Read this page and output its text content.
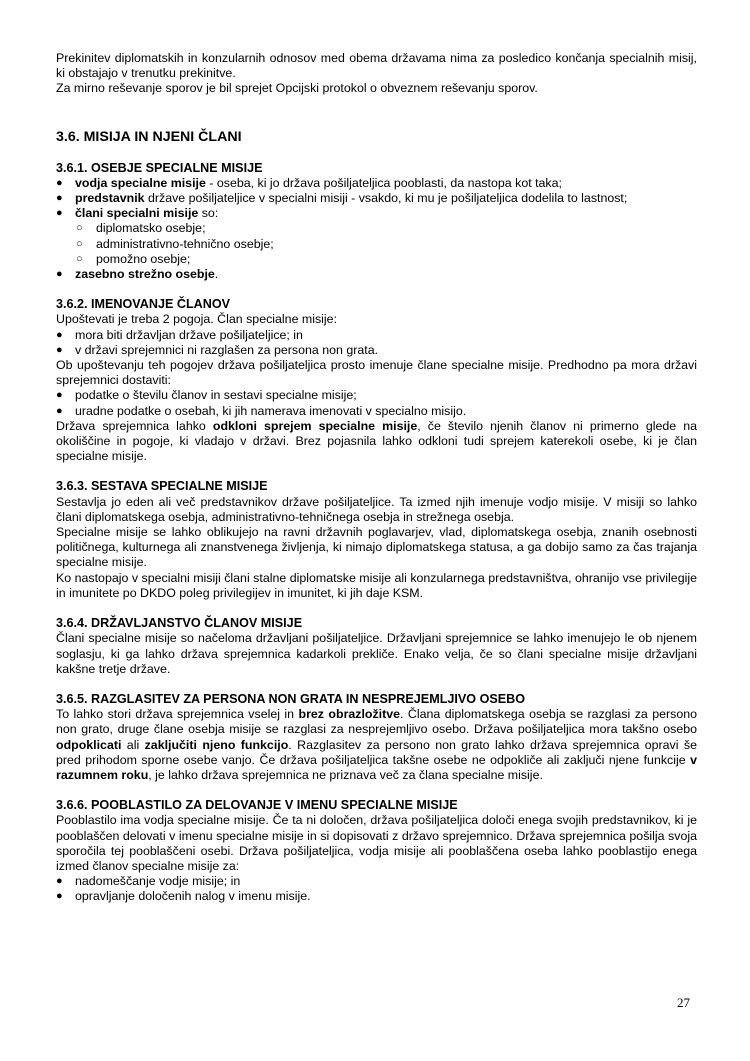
Prekinitev diplomatskih in konzularnih odnosov med obema državama nima za posledico končanja specialnih misij, ki obstajajo v trenutku prekinitve.

Za mirno reševanje sporov je bil sprejet Opcijski protokol o obveznem reševanju sporov.

3.6. MISIJA IN NJENI ČLANI
3.6.1. OSEBJE SPECIALNE MISIJE
● vodja specialne misije - oseba, ki jo država pošiljateljica pooblasti, da nastopa kot taka;
● predstavnik države pošiljateljice v specialni misiji - vsakdo, ki mu je pošiljateljica dodelila to lastnost;
● člani specialni misije so:
○	diplomatsko osebje;
○	administrativno-tehnično osebje;
○	pomožno osebje;
● zasebno strežno osebje.
3.6.2. IMENOVANJE ČLANOV

Upoštevati je treba 2 pogoja. Član specialne misije:

● mora biti državljan države pošiljateljice; in
● v državi sprejemnici ni razglašen za persona non grata.

Ob upoštevanju teh pogojev država pošiljateljica prosto imenuje člane specialne misije. Predhodno pa mora državi sprejemnici dostaviti:

● podatke o številu članov in sestavi specialne misije;
● uradne podatke o osebah, ki jih namerava imenovati v specialno misijo.

Država sprejemnica lahko odkloni sprejem specialne misije, če število njenih članov ni primerno glede na okoliščine in pogoje, ki vladajo v državi. Brez pojasnila lahko odkloni tudi sprejem katerekoli osebe, ki je član specialne misije.

3.6.3. SESTAVA SPECIALNE MISIJE

Sestavlja jo eden ali več predstavnikov države pošiljateljice. Ta izmed njih imenuje vodjo misije. V misiji so lahko člani diplomatskega osebja, administrativno-tehničnega osebja in strežnega osebja.

Specialne misije se lahko oblikujejo na ravni državnih poglavarjev, vlad, diplomatskega osebja, znanih osebnosti političnega, kulturnega ali znanstvenega življenja, ki nimajo diplomatskega statusa, a ga dobijo samo za čas trajanja specialne misije.

Ko nastopajo v specialni misiji člani stalne diplomatske misije ali konzularnega predstavništva, ohranijo vse privilegije in imunitete po DKDO poleg privilegijev in imunitet, ki jih daje KSM.

3.6.4. DRŽAVLJANSTVO ČLANOV MISIJE

Člani specialne misije so načeloma državljani pošiljateljice. Državljani sprejemnice se lahko imenujejo le ob njenem soglasju, ki ga lahko država sprejemnica kadarkoli prekliče. Enako velja, če so člani specialne misije državljani kakšne tretje države.

3.6.5. RAZGLASITEV ZA PERSONA NON GRATA IN NESPREJEMLJIVO OSEBO

To lahko stori država sprejemnica vselej in brez obrazložitve. Člana diplomatskega osebja se razglasi za persono non grato, druge člane osebja misije se razglasi za nesprejemljivo osebo. Država pošiljateljica mora takšno osebo odpoklicati ali zaključiti njeno funkcijo. Razglasitev za persono non grato lahko država sprejemnica opravi še pred prihodom sporne osebe vanjo. Če država pošiljateljica takšne osebe ne odpokliče ali zaključi njene funkcije v razumnem roku, je lahko država sprejemnica ne priznava več za člana specialne misije.

3.6.6. POOBLASTILO ZA DELOVANJE V IMENU SPECIALNE MISIJE

Pooblastilo ima vodja specialne misije. Če ta ni določen, država pošiljateljica določi enega svojih predstavnikov, ki je pooblaščen delovati v imenu specialne misije in si dopisovati z državo sprejemnico. Država sprejemnica pošilja svoja sporočila tej pooblaščeni osebi. Država pošiljateljica, vodja misije ali pooblaščena oseba lahko pooblastijo enega izmed članov specialne misije za:

● nadomeščanje vodje misije; in
● opravljanje določenih nalog v imenu misije.
27
